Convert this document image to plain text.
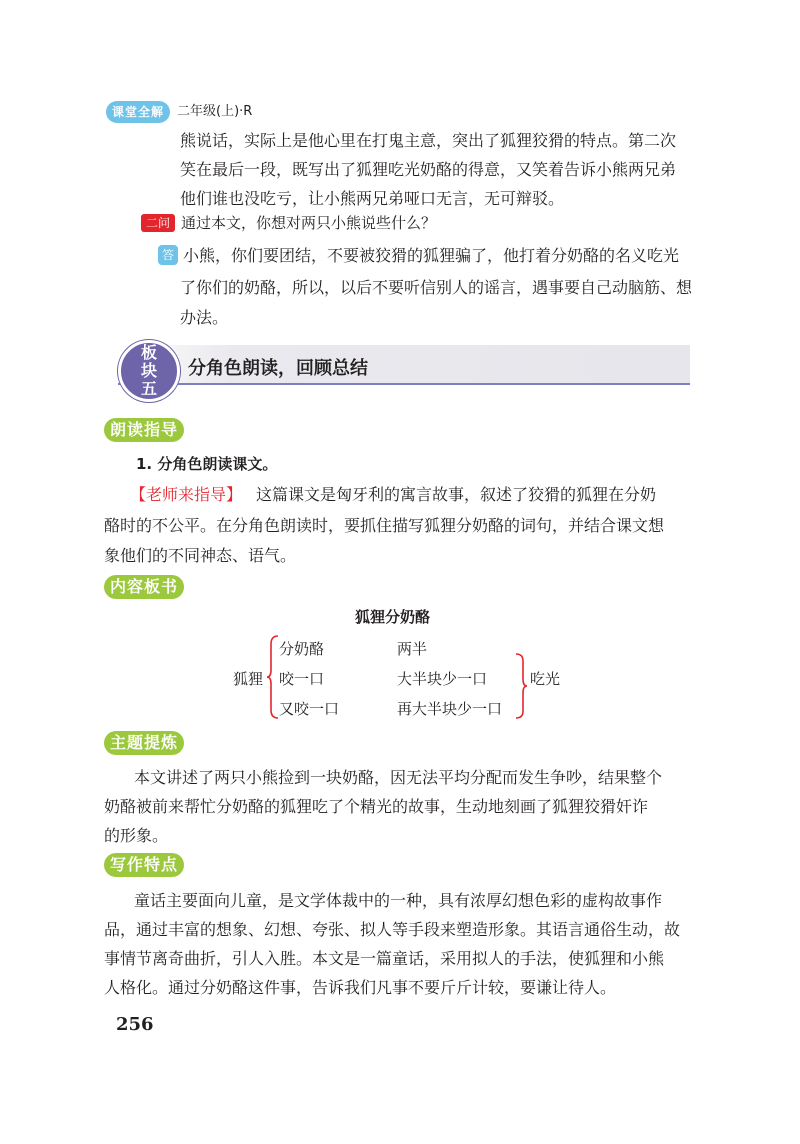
课堂全解 二年级(上)·R
熊说话，实际上是他心里在打鬼主意，突出了狐狸狡猾的特点。第二次
笑在最后一段，既写出了狐狸吃光奶酪的得意，又笑着告诉小熊两兄弟
他们谁也没吃亏，让小熊两兄弟哑口无言，无可辩驳。
二问 通过本文，你想对两只小熊说些什么？
答 小熊，你们要团结，不要被狡猾的狐狸骗了，他打着分奶酪的名义吃光
了你们的奶酪，所以，以后不要听信别人的谣言，遇事要自己动脑筋、想
办法。
板
块
五
分角色朗读，回顾总结
朗读指导
1. 分角色朗读课文。
【老师来指导】 这篇课文是匈牙利的寓言故事，叙述了狡猾的狐狸在分奶
酪时的不公平。在分角色朗读时，要抓住描写狐狸分奶酪的词句，并结合课文想
象他们的不同神态、语气。
内容板书
狐狸分奶酪
狐狸
分奶酪
咬一口
又咬一口
两半
大半块少一口
再大半块少一口
吃光
主题提炼
本文讲述了两只小熊捡到一块奶酪，因无法平均分配而发生争吵，结果整个
奶酪被前来帮忙分奶酪的狐狸吃了个精光的故事，生动地刻画了狐狸狡猾奸诈
的形象。
写作特点
童话主要面向儿童，是文学体裁中的一种，具有浓厚幻想色彩的虚构故事作
品，通过丰富的想象、幻想、夸张、拟人等手段来塑造形象。其语言通俗生动，故
事情节离奇曲折，引人入胜。本文是一篇童话，采用拟人的手法，使狐狸和小熊
人格化。通过分奶酪这件事，告诉我们凡事不要斤斤计较，要谦让待人。
256
